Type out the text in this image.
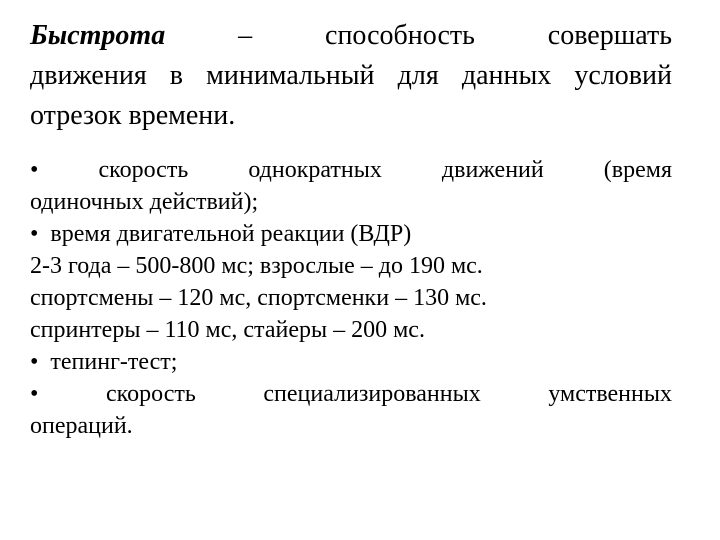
Быстрота	– способность совершать
движения в минимальный для данных условий
отрезок времени.

•	скорость однократных движений (время
одиночных действий);
• время двигательной реакции (ВДР)
2-3 года – 500-800 мс; взрослые – до 190 мс.
спортсмены – 120 мс, спортсменки – 130 мс.
спринтеры – 110 мс, стайеры – 200 мс.
• тепинг-тест;
•	скорость специализированных умственных
операций.
